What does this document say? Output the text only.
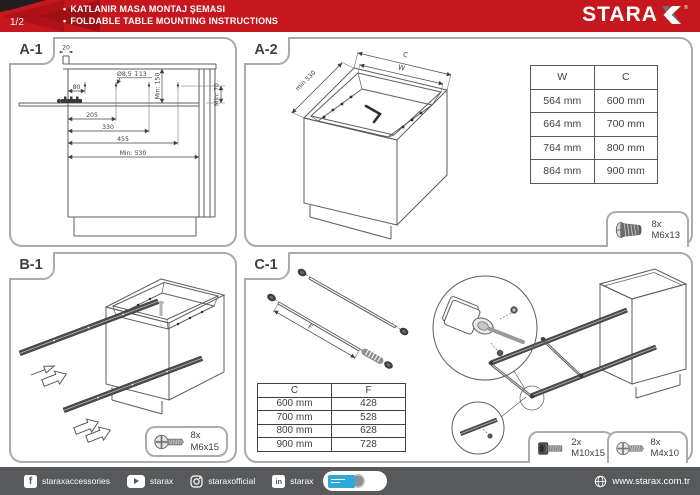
1/2
• KATLANIR MASA MONTAJ ŞEMASI
• FOLDABLE TABLE MOUNTING INSTRUCTIONS	STARA	®
A-1	20
80
Ø8,5 ↧13
205
330
455
Min: 530
Min: 150	Min: 70
A-2	C
W
min 530	W	C
564 mm	600 mm
664 mm	700 mm
764 mm	800 mm
864 mm	900 mm
8x
M6x13
B-1
8x
M6x15
C-1
F
C	F
600 mm	428
700 mm	528
800 mm	628
900 mm	728	2x
M10x15
8x
M4x10
f staraxaccessories	starax	staraxofficial	in starax	www.starax.com.tr
